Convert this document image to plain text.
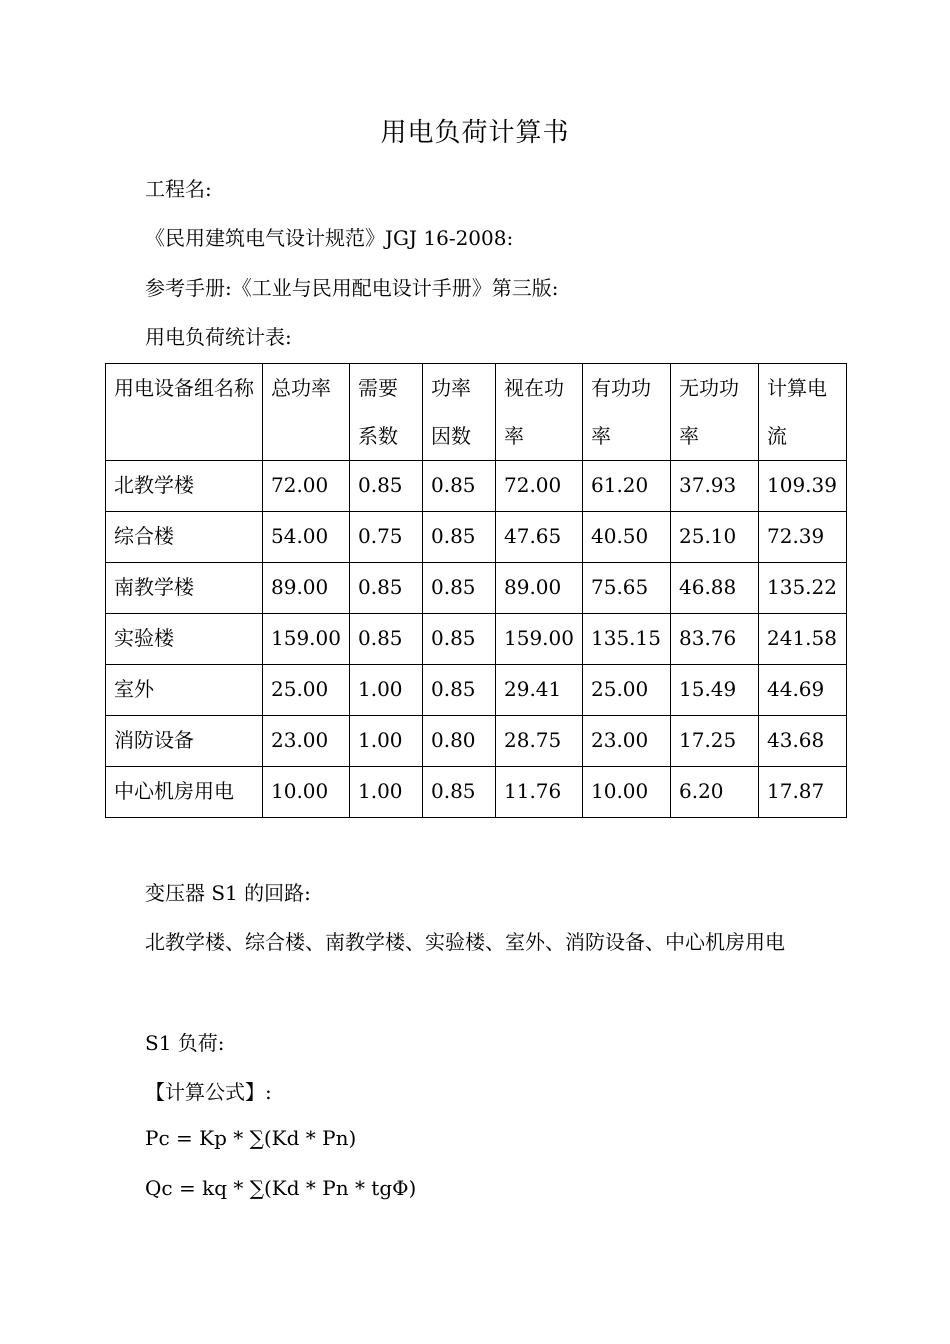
用电负荷计算书
工程名:
《民用建筑电气设计规范》JGJ 16-2008:
参考手册:《工业与民用配电设计手册》第三版:
用电负荷统计表:
用电设备组名称	总功率	需要系数	功率因数	视在功率	有功功率	无功功率	计算电流
北教学楼	72.00	0.85	0.85	72.00	61.20	37.93	109.39
综合楼	54.00	0.75	0.85	47.65	40.50	25.10	72.39
南教学楼	89.00	0.85	0.85	89.00	75.65	46.88	135.22
实验楼	159.00	0.85	0.85	159.00	135.15	83.76	241.58
室外	25.00	1.00	0.85	29.41	25.00	15.49	44.69
消防设备	23.00	1.00	0.80	28.75	23.00	17.25	43.68
中心机房用电	10.00	1.00	0.85	11.76	10.00	6.20	17.87
变压器 S1 的回路:
北教学楼、综合楼、南教学楼、实验楼、室外、消防设备、中心机房用电
S1 负荷:
【计算公式】:
Pc = Kp * ∑(Kd * Pn)
Qc = kq * ∑(Kd * Pn * tgΦ)
